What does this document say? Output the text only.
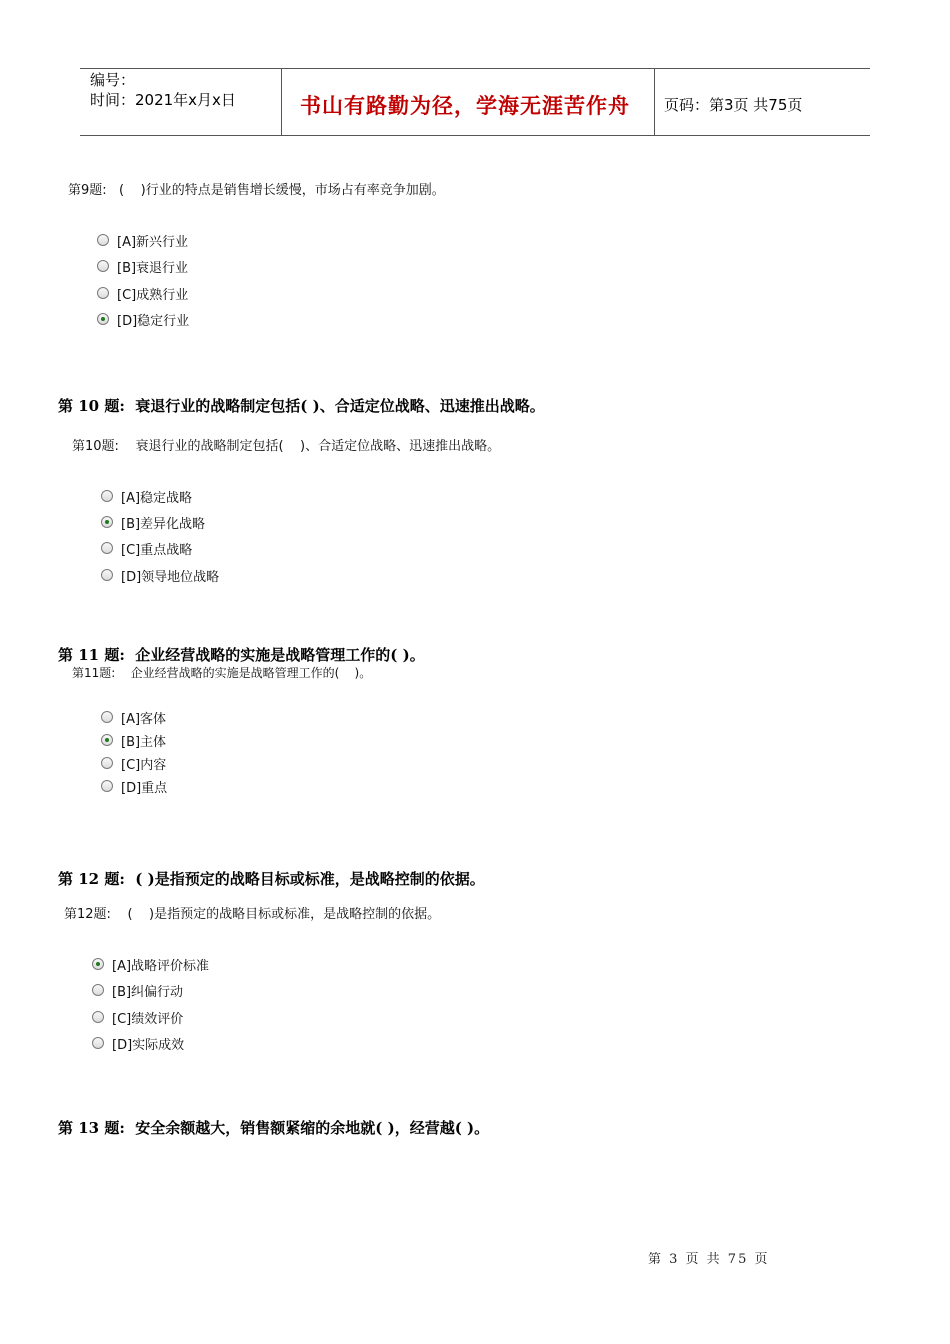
编号：
时间：2021年x月x日	书山有路勤为径，学海无涯苦作舟 页码：第3页 共75页
第9题:   (    )行业的特点是销售增长缓慢，市场占有率竞争加剧。
[A]新兴行业
[B]衰退行业
[C]成熟行业
[D]稳定行业
第 10 题:  衰退行业的战略制定包括( )、合适定位战略、迅速推出战略。
第10题:    衰退行业的战略制定包括(    )、合适定位战略、迅速推出战略。
[A]稳定战略
[B]差异化战略
[C]重点战略
[D]领导地位战略
第 11 题:  企业经营战略的实施是战略管理工作的( )。
第11题:    企业经营战略的实施是战略管理工作的(    )。
[A]客体
[B]主体
[C]内容
[D]重点
第 12 题:  ( )是指预定的战略目标或标准，是战略控制的依据。
第12题:    (    )是指预定的战略目标或标准，是战略控制的依据。
[A]战略评价标准
[B]纠偏行动
[C]绩效评价
[D]实际成效
第 13 题:  安全余额越大，销售额紧缩的余地就( )，经营越( )。
第 3 页 共 75 页
